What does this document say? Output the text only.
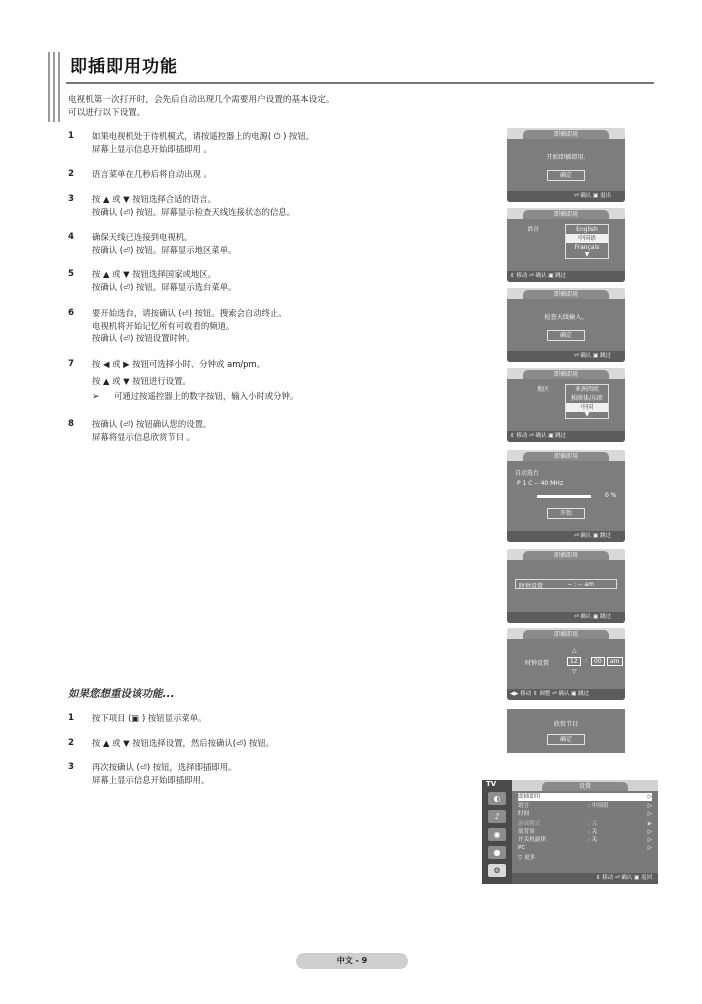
即插即用功能
电视机第一次打开时，会先后自动出现几个需要用户设置的基本设定。
可以进行以下设置。
1 如果电视机处于待机模式，请按遥控器上的电源( ⏻ ) 按钮。
屏幕上显示信息开始即插即用 。
2 语言菜单在几秒后将自动出现 。
3 按 ▲ 或 ▼ 按钮选择合适的语言。
按确认 (⏎) 按钮。屏幕显示检查天线连接状态的信息。
4 确保天线已连接到电视机。
按确认 (⏎) 按钮。屏幕显示地区菜单。
5 按 ▲ 或 ▼ 按钮选择国家或地区。
按确认 (⏎) 按钮。屏幕显示选台菜单。
6 要开始选台，请按确认 (⏎) 按钮。搜索会自动终止。
电视机将开始记忆所有可收看的频道。
按确认 (⏎) 按钮设置时钟。
7 按 ◀ 或 ▶ 按钮可选择小时、分钟或 am/pm。
按 ▲ 或 ▼ 按钮进行设置。
➢ 可通过按遥控器上的数字按钮，输入小时或分钟。
8 按确认 (⏎) 按钮确认您的设置。
屏幕将显示信息欣赏节目 。
如果您想重设该功能...
1 按下项目 (▣ ) 按钮显示菜单。
2 按 ▲ 或 ▼ 按钮选择设置，然后按确认(⏎) 按钮。
3 再次按确认 (⏎) 按钮，选择即插即用。
屏幕上显示信息开始即插即用。
即插即用
开始即插即用.
确定
⏎ 确认 ▣ 退出
即插即用
语言	English
中国语
Français
▼
⇕ 移动 ⏎ 确认 ▣ 跳过
即插即用
检查天线输入。
确定
⏎ 确认 ▣ 跳过
即插即用
地区	亚洲西欧
独联体/东欧
中国
▼
⇕ 移动 ⏎ 确认 ▣ 跳过
即插即用
自动选台
P 1 C -- 40 MHz
0 %
开始
⏎ 确认 ▣ 跳过
即插即用
时钟设置	-- : -- am
⏎ 确认 ▣ 跳过
即插即用
时钟设置
△
12	:	00	am
▽
◀▶ 移动 ⇕ 调整 ⏎ 确认 ▣ 跳过
欣赏节目
确定
TV
◐
♪
◉
●
⚙
设置
即插即用	▷
语言	: 中国语	▷
时间	▷
游戏模式	: 关	▶
蓝背景	: 关	▷
开关机旋律	: 关	▷
PC	▷
▽ 更多
⇕ 移动 ⏎ 确认 ▣ 返回
中文 - 9
